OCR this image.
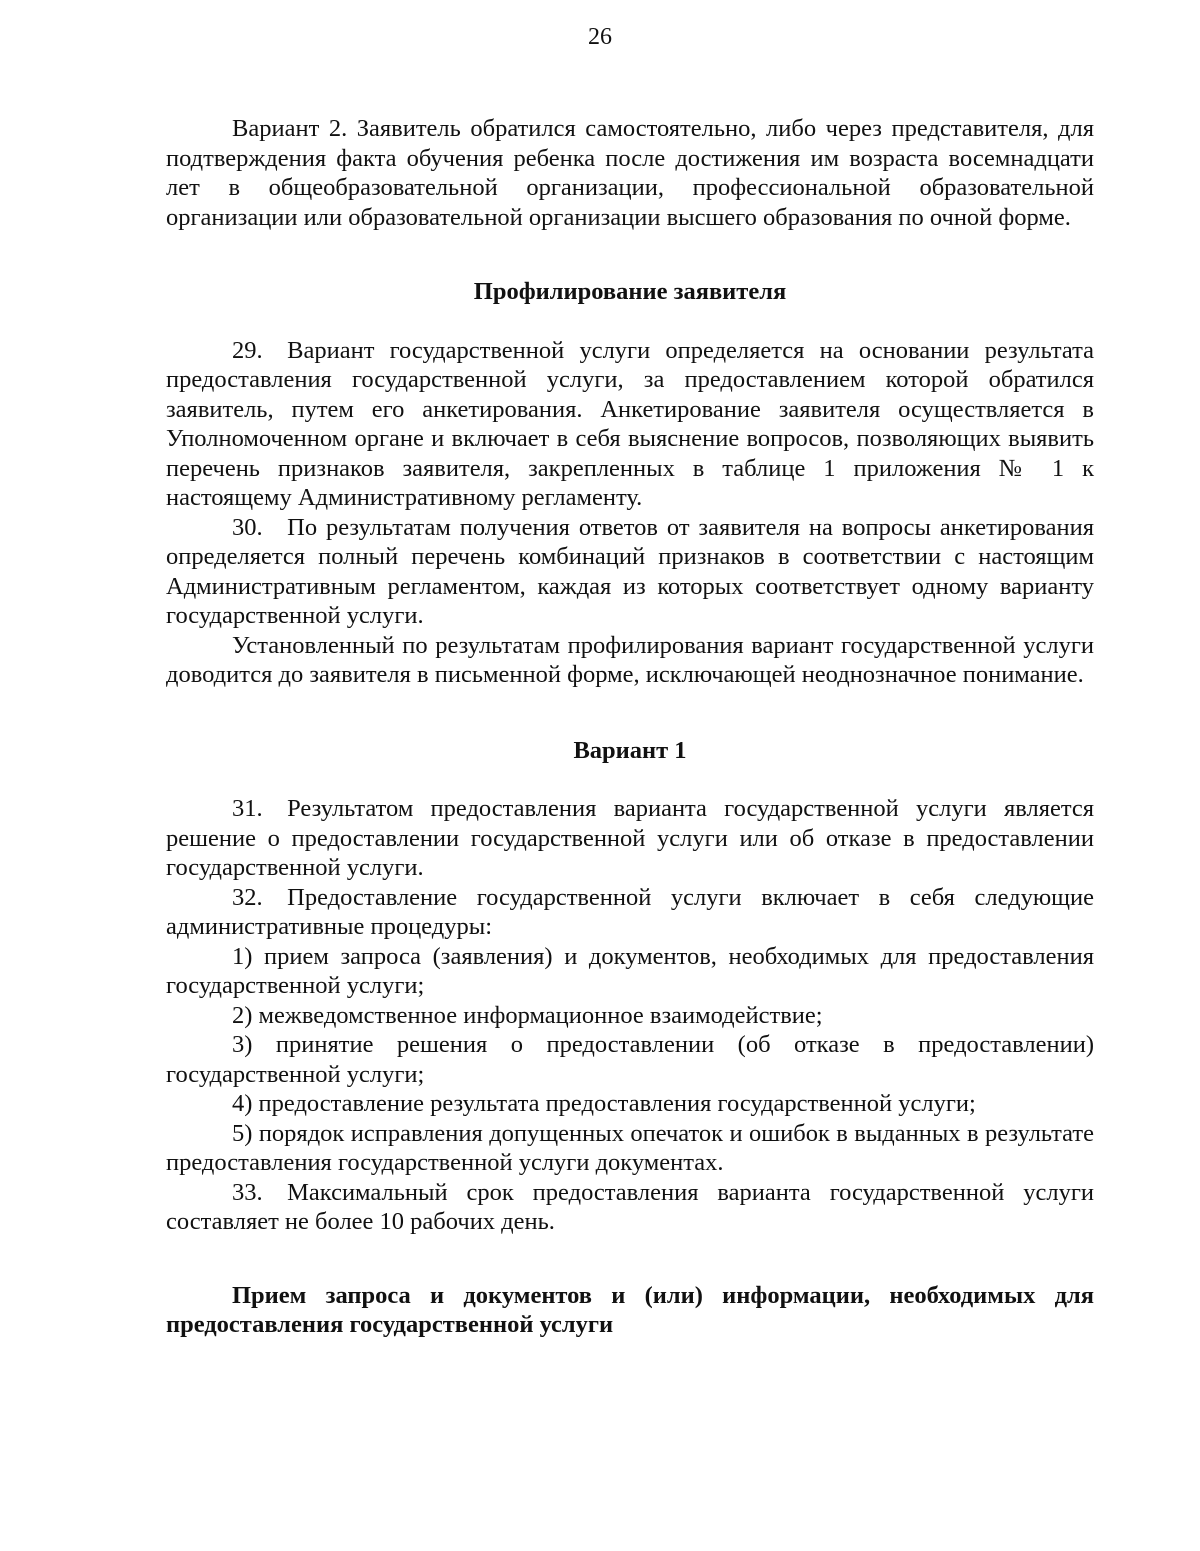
26

Вариант 2. Заявитель обратился самостоятельно, либо через представителя, для подтверждения факта обучения ребенка после достижения им возраста восемнадцати лет в общеобразовательной организации, профессиональной образовательной организации или образовательной организации высшего образования по очной форме.

Профилирование заявителя

29. Вариант государственной услуги определяется на основании результата предоставления государственной услуги, за предоставлением которой обратился заявитель, путем его анкетирования. Анкетирование заявителя осуществляется в Уполномоченном органе и включает в себя выяснение вопросов, позволяющих выявить перечень признаков заявителя, закрепленных в таблице 1 приложения № 1 к настоящему Административному регламенту.

30. По результатам получения ответов от заявителя на вопросы анкетирования определяется полный перечень комбинаций признаков в соответствии с настоящим Административным регламентом, каждая из которых соответствует одному варианту государственной услуги.

Установленный по результатам профилирования вариант государственной услуги доводится до заявителя в письменной форме, исключающей неоднозначное понимание.

Вариант 1

31. Результатом предоставления варианта государственной услуги является решение о предоставлении государственной услуги или об отказе в предоставлении государственной услуги.

32. Предоставление государственной услуги включает в себя следующие административные процедуры:

1) прием запроса (заявления) и документов, необходимых для предоставления государственной услуги;

2) межведомственное информационное взаимодействие;

3) принятие решения о предоставлении (об отказе в предоставлении) государственной услуги;

4) предоставление результата предоставления государственной услуги;

5) порядок исправления допущенных опечаток и ошибок в выданных в результате предоставления государственной услуги документах.

33. Максимальный срок предоставления варианта государственной услуги составляет не более 10 рабочих день.

Прием запроса и документов и (или) информации, необходимых для предоставления государственной услуги
